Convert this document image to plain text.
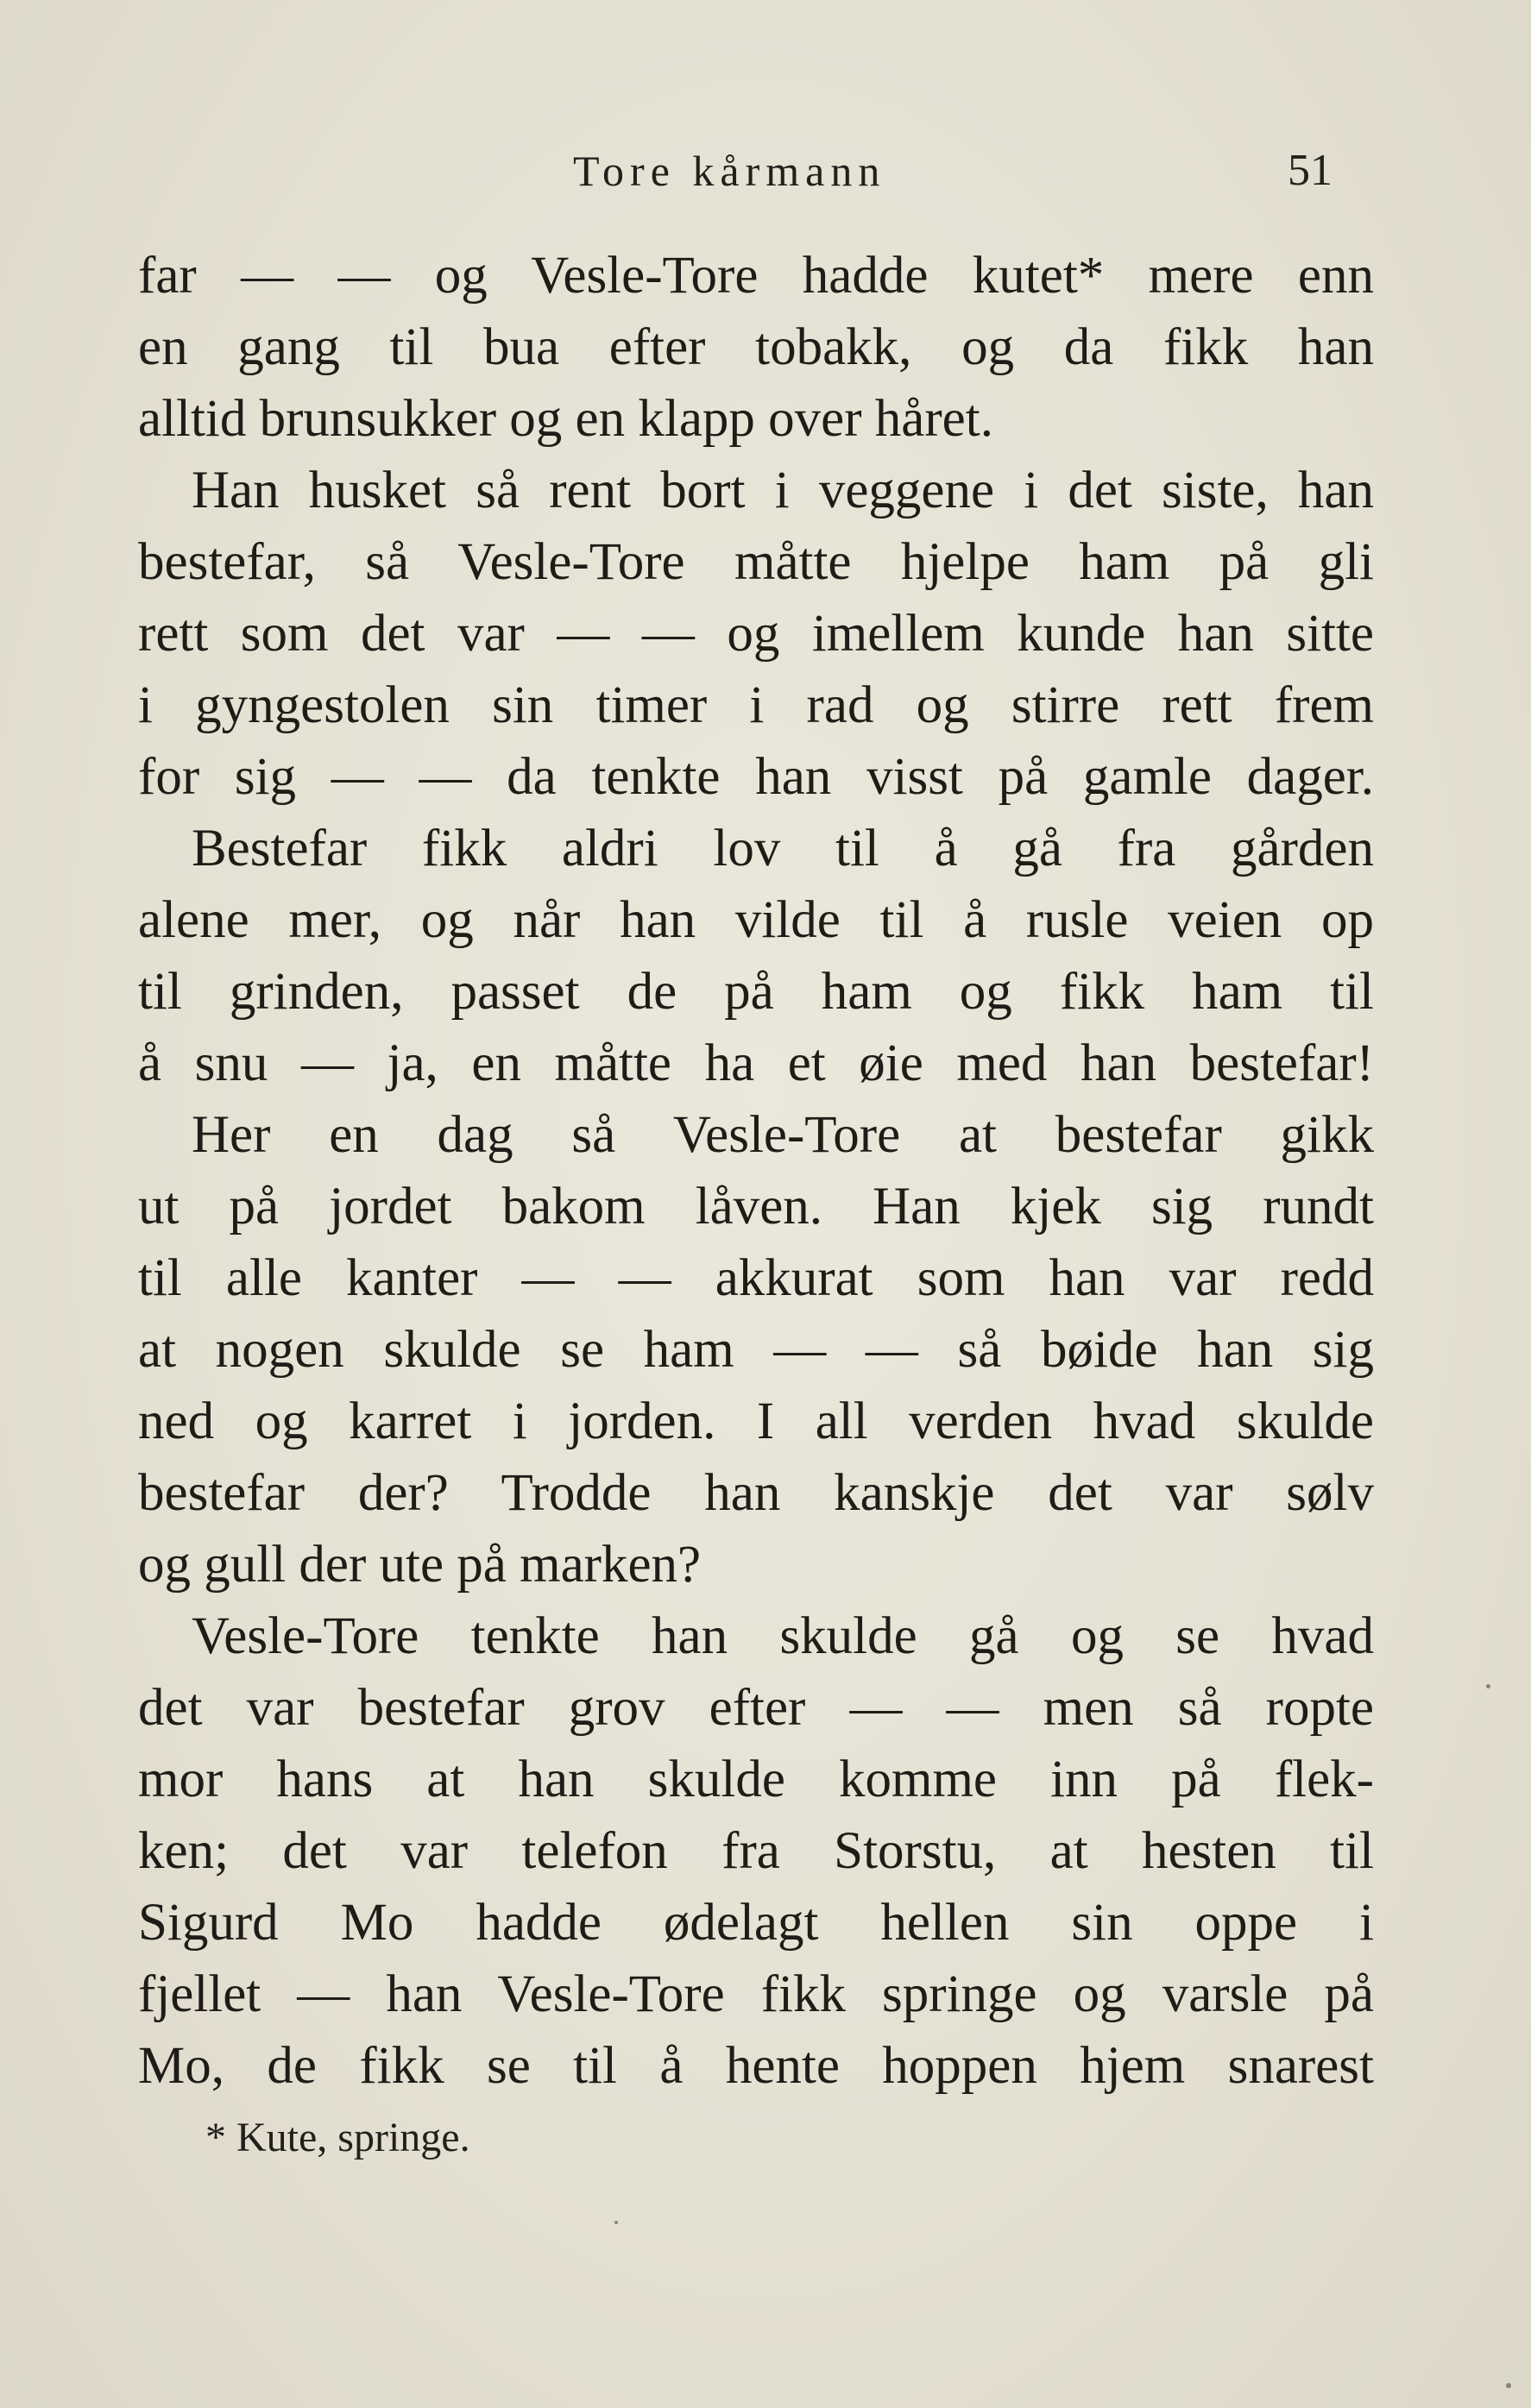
Tore kårmann	51
far — — og Vesle-Tore hadde kutet* mere enn
en gang til bua efter tobakk, og da fikk han
alltid brunsukker og en klapp over håret.
Han husket så rent bort i veggene i det siste, han
bestefar, så Vesle-Tore måtte hjelpe ham på gli
rett som det var — — og imellem kunde han sitte
i gyngestolen sin timer i rad og stirre rett frem
for sig — — da tenkte han visst på gamle dager.
Bestefar fikk aldri lov til å gå fra gården
alene mer, og når han vilde til å rusle veien op
til grinden, passet de på ham og fikk ham til
å snu — ja, en måtte ha et øie med han bestefar!
Her en dag så Vesle-Tore at bestefar gikk
ut på jordet bakom låven. Han kjek sig rundt
til alle kanter — — akkurat som han var redd
at nogen skulde se ham — — så bøide han sig
ned og karret i jorden. I all verden hvad skulde
bestefar der? Trodde han kanskje det var sølv
og gull der ute på marken?
Vesle-Tore tenkte han skulde gå og se hvad
det var bestefar grov efter — — men så ropte
mor hans at han skulde komme inn på flek-
ken; det var telefon fra Storstu, at hesten til
Sigurd Mo hadde ødelagt hellen sin oppe i
fjellet — han Vesle-Tore fikk springe og varsle på
Mo, de fikk se til å hente hoppen hjem snarest
* Kute, springe.
